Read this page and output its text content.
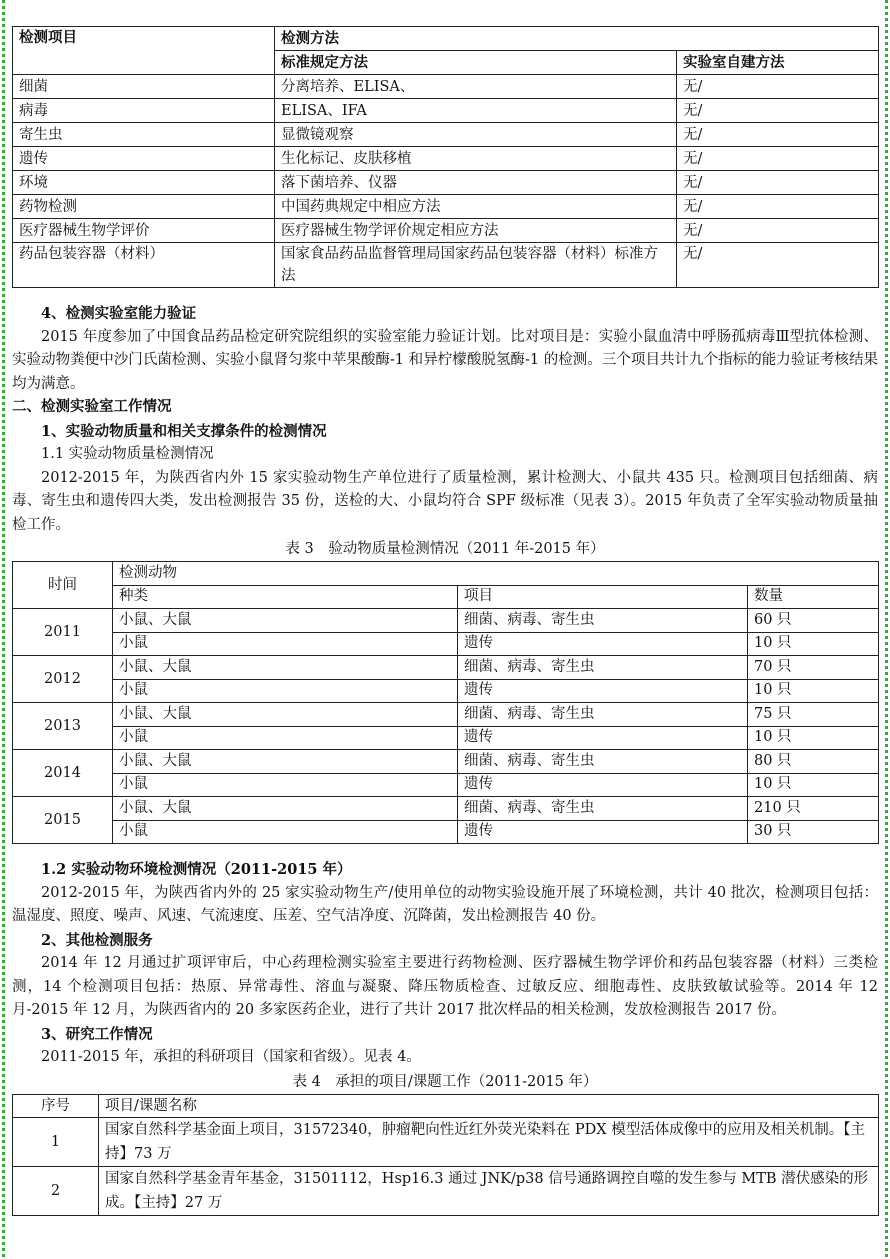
检测项目	检测方法	
	标准规定方法	实验室自建方法
细菌	分离培养、ELISA、	无/
病毒	ELISA、IFA	无/
寄生虫	显微镜观察	无/
遗传	生化标记、皮肤移植	无/
环境	落下菌培养、仪器	无/
药物检测	中国药典规定中相应方法	无/
医疗器械生物学评价	医疗器械生物学评价规定相应方法	无/
药品包装容器（材料）	国家食品药品监督管理局国家药品包装容器（材料）标准方法	无/

4、检测实验室能力验证

2015 年度参加了中国食品药品检定研究院组织的实验室能力验证计划。比对项目是：实验小鼠血清中呼肠孤病毒Ⅲ型抗体检测、实验动物粪便中沙门氏菌检测、实验小鼠肾匀浆中苹果酸酶-1 和异柠檬酸脱氢酶-1 的检测。三个项目共计九个指标的能力验证考核结果均为满意。

二、检测实验室工作情况

1、实验动物质量和相关支撑条件的检测情况

1.1 实验动物质量检测情况

2012-2015 年，为陕西省内外 15 家实验动物生产单位进行了质量检测，累计检测大、小鼠共 435 只。检测项目包括细菌、病毒、寄生虫和遗传四大类，发出检测报告 35 份，送检的大、小鼠均符合 SPF 级标准（见表 3）。2015 年负责了全军实验动物质量抽检工作。

表 3　验动物质量检测情况（2011 年-2015 年）

时间	检测动物		
	种类	项目	数量
2011	小鼠、大鼠	细菌、病毒、寄生虫	60 只
	小鼠	遗传	10 只
2012	小鼠、大鼠	细菌、病毒、寄生虫	70 只
	小鼠	遗传	10 只
2013	小鼠、大鼠	细菌、病毒、寄生虫	75 只
	小鼠	遗传	10 只
2014	小鼠、大鼠	细菌、病毒、寄生虫	80 只
	小鼠	遗传	10 只
2015	小鼠、大鼠	细菌、病毒、寄生虫	210 只
	小鼠	遗传	30 只

1.2 实验动物环境检测情况（2011-2015 年）

2012-2015 年，为陕西省内外的 25 家实验动物生产/使用单位的动物实验设施开展了环境检测，共计 40 批次，检测项目包括：温湿度、照度、噪声、风速、气流速度、压差、空气洁净度、沉降菌，发出检测报告 40 份。

2、其他检测服务

2014 年 12 月通过扩项评审后，中心药理检测实验室主要进行药物检测、医疗器械生物学评价和药品包装容器（材料）三类检测，14 个检测项目包括：热原、异常毒性、溶血与凝聚、降压物质检查、过敏反应、细胞毒性、皮肤致敏试验等。2014 年 12 月-2015 年 12 月，为陕西省内的 20 多家医药企业，进行了共计 2017 批次样品的相关检测，发放检测报告 2017 份。

3、研究工作情况

2011-2015 年，承担的科研项目（国家和省级）。见表 4。

表 4　承担的项目/课题工作（2011-2015 年）

序号	项目/课题名称
1	国家自然科学基金面上项目，31572340，肿瘤靶向性近红外荧光染料在 PDX 模型活体成像中的应用及相关机制。【主持】73 万
2	国家自然科学基金青年基金，31501112，Hsp16.3 通过 JNK/p38 信号通路调控自噬的发生参与 MTB 潜伏感染的形成。【主持】27 万
